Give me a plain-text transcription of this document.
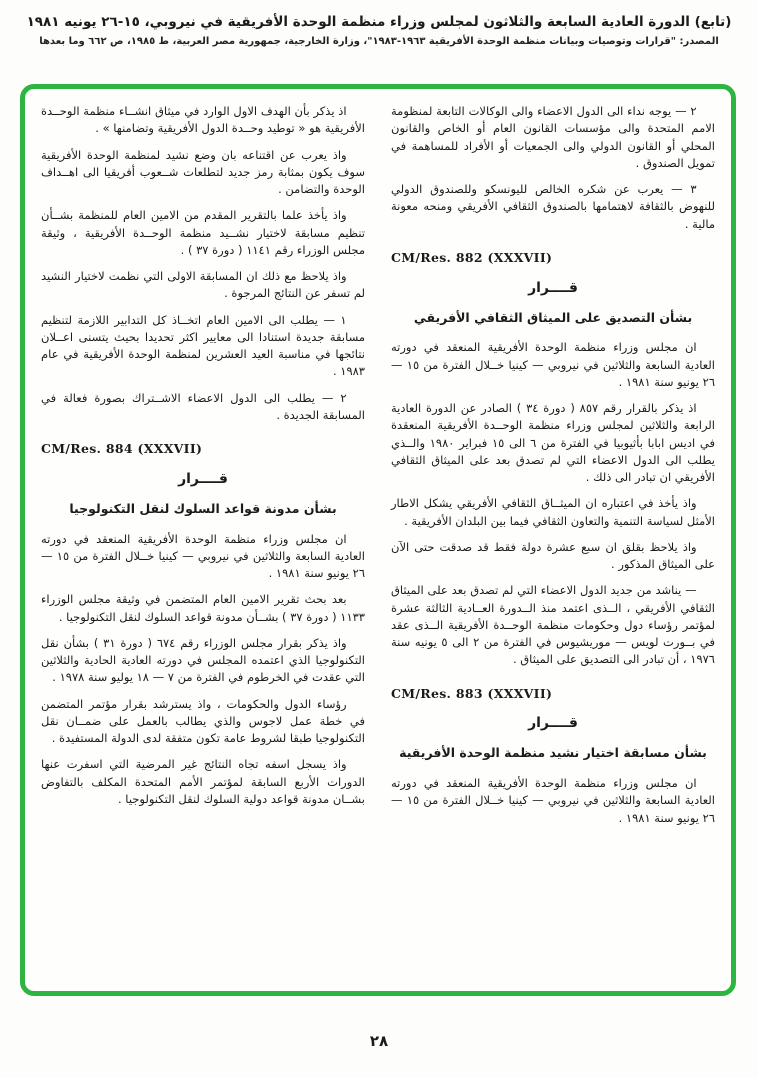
(تابع) الدورة العادية السابعة والثلاثون لمجلس وزراء منظمة الوحدة الأفريقية في نيروبي، ١٥-٢٦ يونيه ١٩٨١
المصدر: "قرارات وتوصيات وبيانات منظمة الوحدة الأفريقية ١٩٦٣-١٩٨٣"، وزارة الخارجية، جمهورية مصر العربية، ط ١٩٨٥، ص ٦٦٢ وما بعدها
٢ — يوجه نداء الى الدول الاعضاء والى الوكالات التابعة لمنظومة الامم المتحدة والى مؤسسات القانون العام أو الخاص والقانون المحلي أو القانون الدولي والى الجمعيات أو الأفراد للمساهمة في تمويل الصندوق .
٣ — يعرب عن شكره الخالص لليونسكو وللصندوق الدولي للنهوض بالثقافة لاهتمامها بالصندوق الثقافي الأفريقي ومنحه معونة مالية .
CM/Res. 882 (XXXVII)
قــــرار
بشأن التصديق على الميثاق الثقافي الأفريقي
ان مجلس وزراء منظمة الوحدة الأفريقية المنعقد في دورته العادية السابعة والثلاثين في نيروبي — كينيا خــلال الفترة من ١٥ — ٢٦ يونيو سنة ١٩٨١ .
اذ يذكر بالقرار رقم ٨٥٧ ( دورة ٣٤ ) الصادر عن الدورة العادية الرابعة والثلاثين لمجلس وزراء منظمة الوحــدة الأفريقية المنعقدة في اديس ابابا بأثيوبيا في الفترة من ٦ الى ١٥ فبراير ١٩٨٠ والــذي يطلب الى الدول الاعضاء التي لم تصدق بعد على الميثاق الثقافي الأفريقي ان تبادر الى ذلك .
واذ يأخذ في اعتباره ان الميثــاق الثقافي الأفريقي يشكل الاطار الأمثل لسياسة التنمية والتعاون الثقافي فيما بين البلدان الأفريقية .
واذ يلاحظ بقلق ان سبع عشرة دولة فقط قد صدقت حتى الآن على الميثاق المذكور .
— يناشد من جديد الدول الاعضاء التي لم تصدق بعد على الميثاق الثقافي الأفريقي ، الــذى اعتمد منذ الــدورة العــادية الثالثة عشرة لمؤتمر رؤساء دول وحكومات منظمة الوحــدة الأفريقية الــذى عقد في بــورت لويس — موريشيوس في الفترة من ٢ الى ٥ يونيه سنة ١٩٧٦ ، أن تبادر الى التصديق على الميثاق .
CM/Res. 883 (XXXVII)
قــــرار
بشأن مسابقة اختيار نشيد منظمة الوحدة الأفريقية
ان مجلس وزراء منظمة الوحدة الأفريقية المنعقد في دورته العادية السابعة والثلاثين في نيروبي — كينيا خــلال الفترة من ١٥ — ٢٦ يونيو سنة ١٩٨١ .
اذ يذكر بأن الهدف الاول الوارد في ميثاق انشــاء منظمة الوحــدة الأفريقية هو « توطيد وحــدة الدول الأفريقية وتضامنها » .
واذ يعرب عن اقتناعه بان وضع نشيد لمنظمة الوحدة الأفريقية سوف يكون بمثابة رمز جديد لتطلعات شــعوب أفريقيا الى اهــداف الوحدة والتضامن .
واذ يأخذ علما بالتقرير المقدم من الامين العام للمنظمة بشــأن تنظيم مسابقة لاختيار نشــيد منظمة الوحــدة الأفريقية ، وثيقة مجلس الوزراء رقم ١١٤١ ( دورة ٣٧ ) .
واذ يلاحظ مع ذلك ان المسابقة الاولى التي نظمت لاختيار النشيد لم تسفر عن النتائج المرجوة .
١ — يطلب الى الامين العام اتخــاذ كل التدابير اللازمة لتنظيم مسابقة جديدة استنادا الى معايير اكثر تحديدا بحيث يتسنى اعــلان نتائجها في مناسبة العيد العشرين لمنظمة الوحدة الأفريقية في عام ١٩٨٣ .
٢ — يطلب الى الدول الاعضاء الاشــتراك بصورة فعالة في المسابقة الجديدة .
CM/Res. 884 (XXXVII)
قــــرار
بشأن مدونة قواعد السلوك لنقل التكنولوجيا
ان مجلس وزراء منظمة الوحدة الأفريقية المنعقد في دورته العادية السابعة والثلاثين في نيروبي — كينيا خــلال الفترة من ١٥ — ٢٦ يونيو سنة ١٩٨١ .
بعد بحث تقرير الامين العام المتضمن في وثيقة مجلس الوزراء ١١٣٣ ( دورة ٣٧ ) بشــأن مدونة قواعد السلوك لنقل التكنولوجيا .
واذ يذكر بقرار مجلس الوزراء رقم ٦٧٤ ( دورة ٣١ ) بشأن نقل التكنولوجيا الذي اعتمده المجلس في دورته العادية الحادية والثلاثين التي عقدت في الخرطوم في الفترة من ٧ — ١٨ يوليو سنة ١٩٧٨ .
رؤساء الدول والحكومات ، واذ يسترشد بقرار مؤتمر المتضمن في خطة عمل لاجوس والذي يطالب بالعمل على ضمــان نقل التكنولوجيا طبقا لشروط عامة تكون متفقة لدى الدولة المستفيدة .
واذ يسجل اسفه تجاه النتائج غير المرضية التي اسفرت عنها الدورات الأربع السابقة لمؤتمر الأمم المتحدة المكلف بالتفاوض بشــان مدونة قواعد دولية السلوك لنقل التكنولوجيا .
٢٨
